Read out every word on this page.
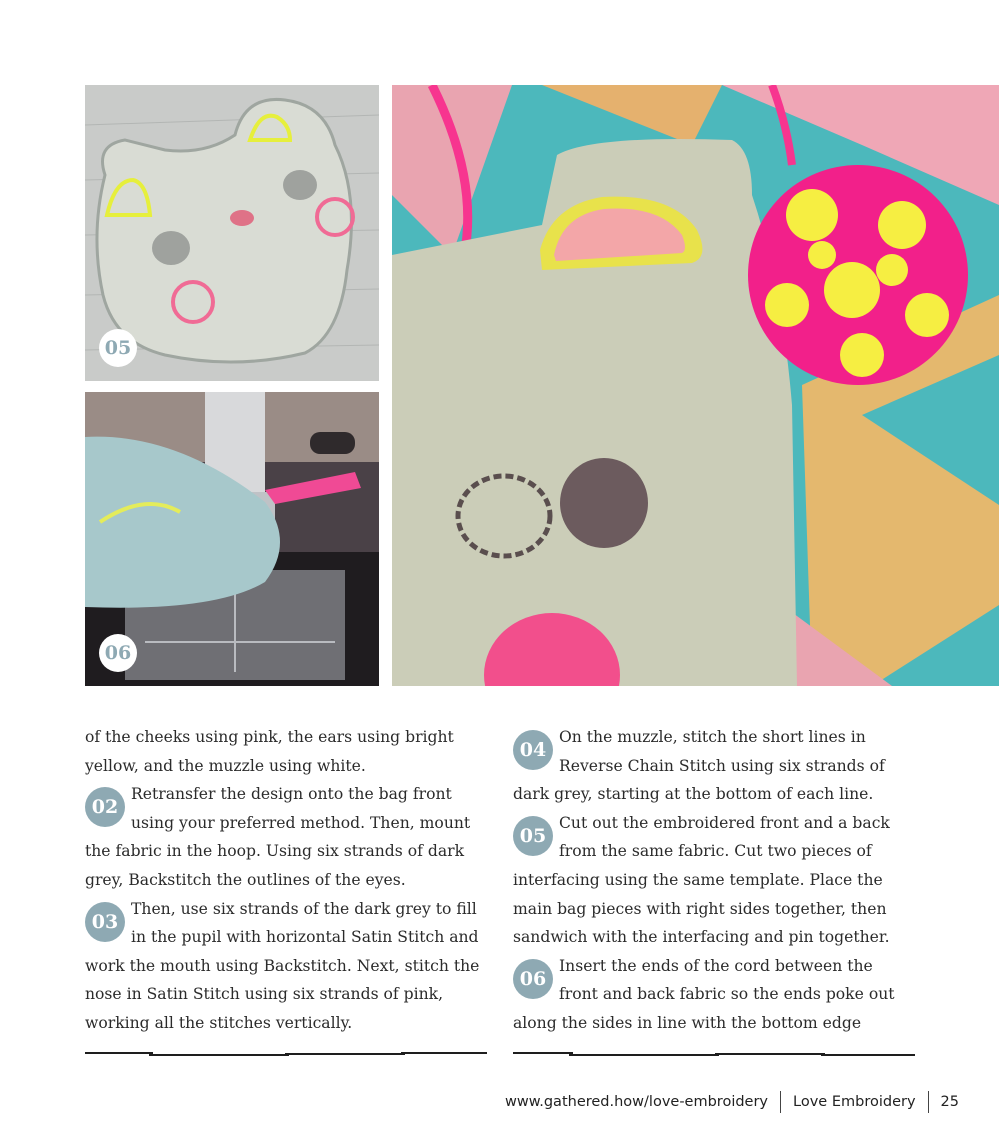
05
06

of the cheeks using pink, the ears using bright yellow, and the muzzle using white.

02
Retransfer the design onto the bag front using your preferred method. Then, mount the fabric in the hoop. Using six strands of dark grey, Backstitch the outlines of the eyes.

03
Then, use six strands of the dark grey to fill in the pupil with horizontal Satin Stitch and work the mouth using Backstitch. Next, stitch the nose in Satin Stitch using six strands of pink, working all the stitches vertically.

04
On the muzzle, stitch the short lines in Reverse Chain Stitch using six strands of dark grey, starting at the bottom of each line.

05
Cut out the embroidered front and a back from the same fabric. Cut two pieces of interfacing using the same template. Place the main bag pieces with right sides together, then sandwich with the interfacing and pin together.

06
Insert the ends of the cord between the front and back fabric so the ends poke out along the sides in line with the bottom edge

www.gathered.how/love-embroidery Love Embroidery 25
